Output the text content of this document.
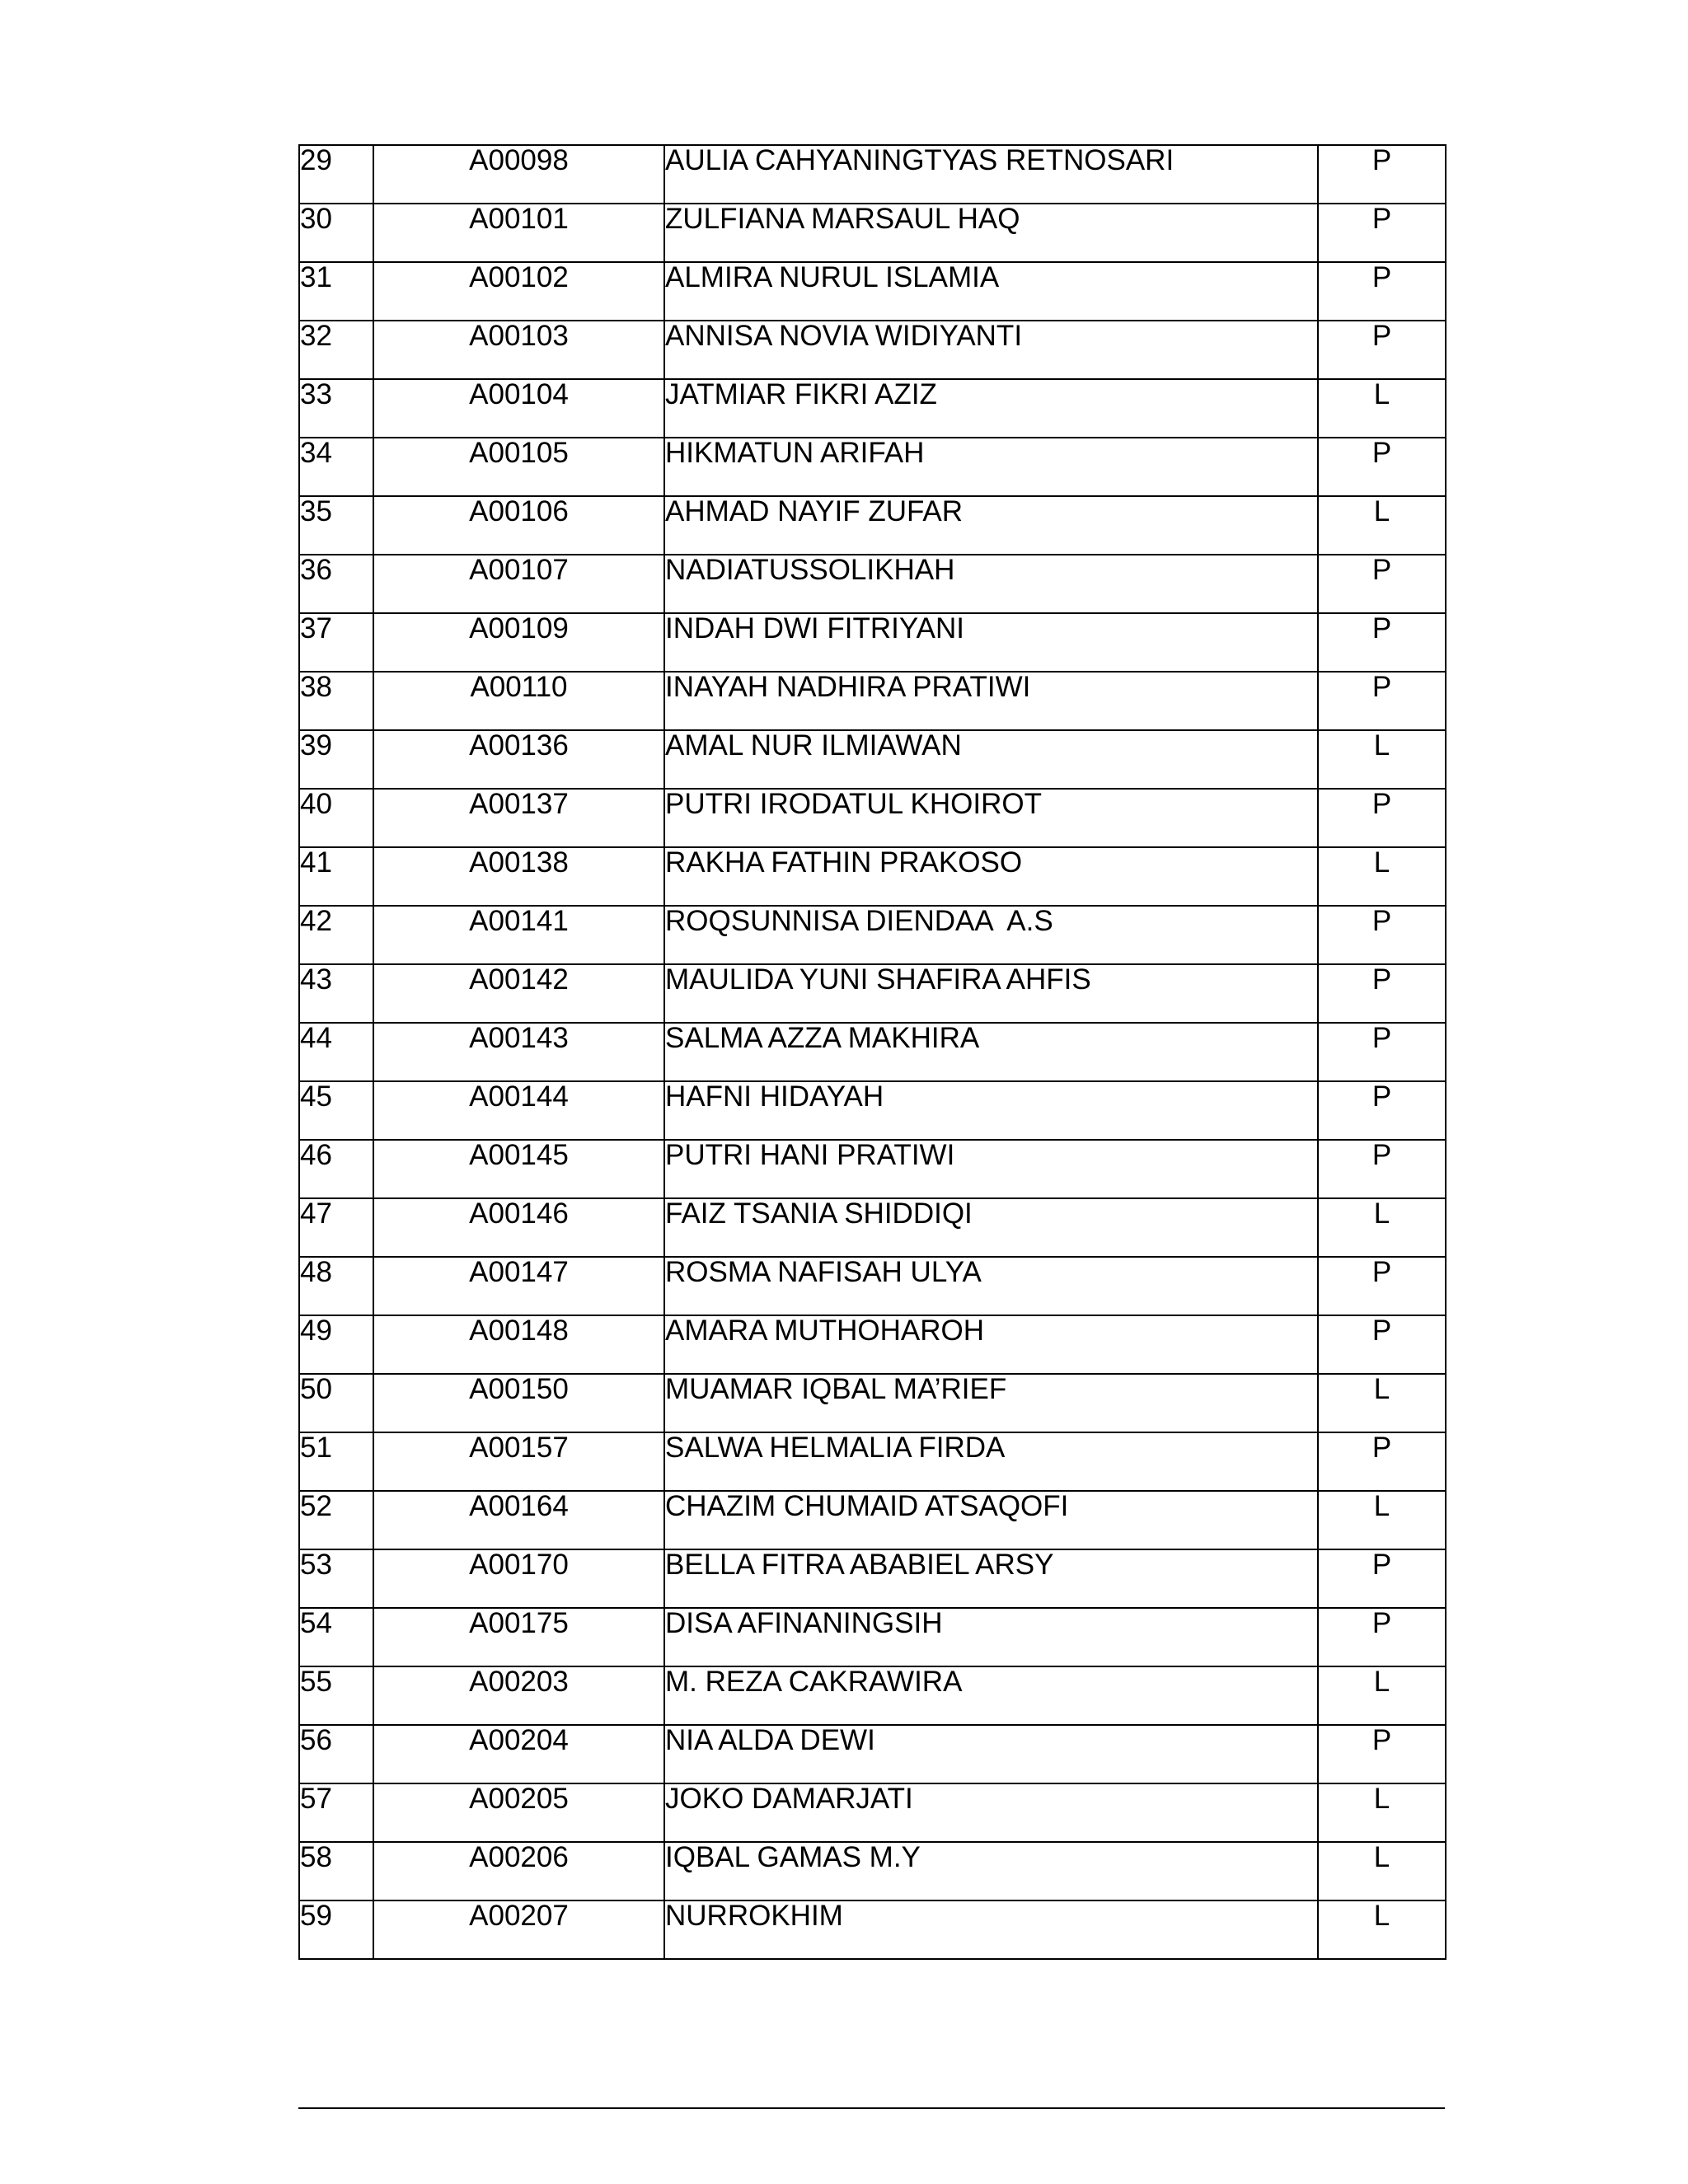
29	A00098	AULIA CAHYANINGTYAS RETNOSARI	P
30	A00101	ZULFIANA MARSAUL HAQ	P
31	A00102	ALMIRA NURUL ISLAMIA	P
32	A00103	ANNISA NOVIA WIDIYANTI	P
33	A00104	JATMIAR FIKRI AZIZ	L
34	A00105	HIKMATUN ARIFAH	P
35	A00106	AHMAD NAYIF ZUFAR	L
36	A00107	NADIATUSSOLIKHAH	P
37	A00109	INDAH DWI FITRIYANI	P
38	A00110	INAYAH NADHIRA PRATIWI	P
39	A00136	AMAL NUR ILMIAWAN	L
40	A00137	PUTRI IRODATUL KHOIROT	P
41	A00138	RAKHA FATHIN PRAKOSO	L
42	A00141	ROQSUNNISA DIENDAA  A.S	P
43	A00142	MAULIDA YUNI SHAFIRA AHFIS	P
44	A00143	SALMA AZZA MAKHIRA	P
45	A00144	HAFNI HIDAYAH	P
46	A00145	PUTRI HANI PRATIWI	P
47	A00146	FAIZ TSANIA SHIDDIQI	L
48	A00147	ROSMA NAFISAH ULYA	P
49	A00148	AMARA MUTHOHAROH	P
50	A00150	MUAMAR IQBAL MA’RIEF	L
51	A00157	SALWA HELMALIA FIRDA	P
52	A00164	CHAZIM CHUMAID ATSAQOFI	L
53	A00170	BELLA FITRA ABABIEL ARSY	P
54	A00175	DISA AFINANINGSIH	P
55	A00203	M. REZA CAKRAWIRA	L
56	A00204	NIA ALDA DEWI	P
57	A00205	JOKO DAMARJATI	L
58	A00206	IQBAL GAMAS M.Y	L
59	A00207	NURROKHIM	L
